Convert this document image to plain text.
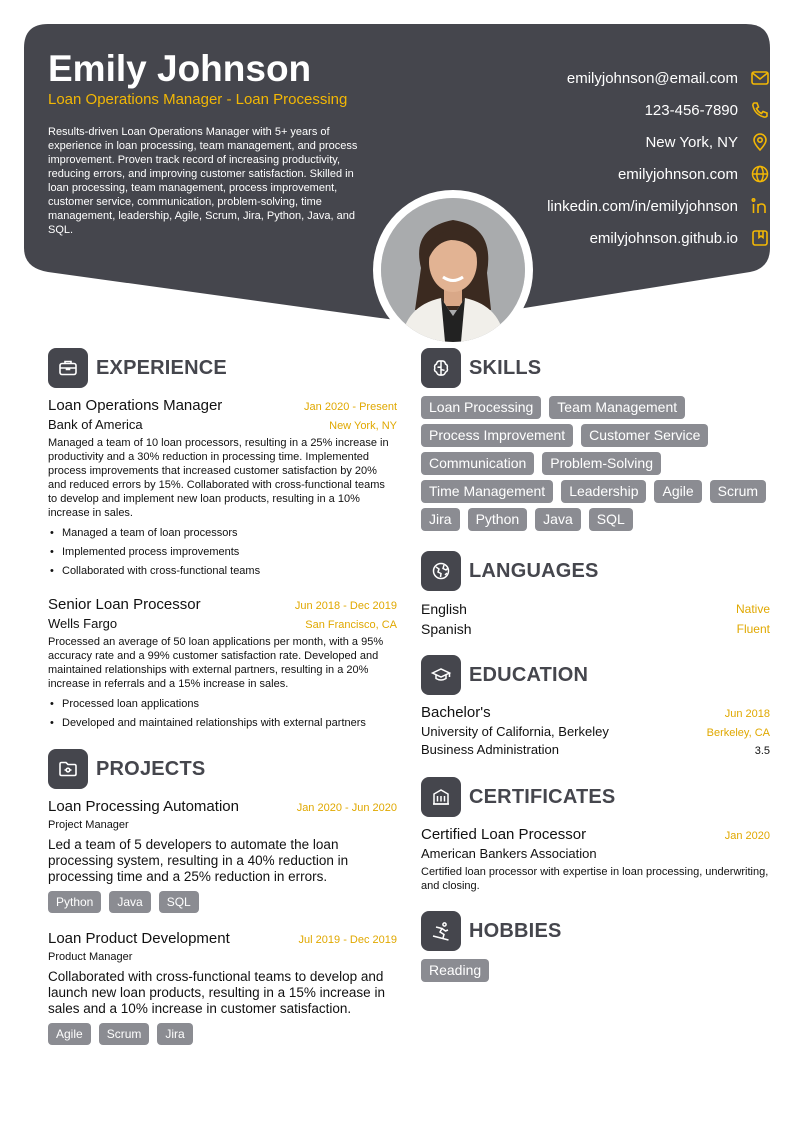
Emily Johnson
Loan Operations Manager - Loan Processing
Results-driven Loan Operations Manager with 5+ years of experience in loan processing, team management, and process improvement. Proven track record of increasing productivity, reducing errors, and improving customer satisfaction. Skilled in loan processing, team management, process improvement, customer service, communication, problem-solving, time management, leadership, Agile, Scrum, Jira, Python, Java, and SQL.
emilyjohnson@email.com
123-456-7890
New York, NY
emilyjohnson.com
linkedin.com/in/emilyjohnson
emilyjohnson.github.io
EXPERIENCE
Loan Operations Manager	Jan 2020 - Present
Bank of America	New York, NY
Managed a team of 10 loan processors, resulting in a 25% increase in productivity and a 30% reduction in processing time. Implemented process improvements that increased customer satisfaction by 20% and reduced errors by 15%. Collaborated with cross-functional teams to develop and implement new loan products, resulting in a 10% increase in sales.
• Managed a team of loan processors
• Implemented process improvements
• Collaborated with cross-functional teams
Senior Loan Processor	Jun 2018 - Dec 2019
Wells Fargo	San Francisco, CA
Processed an average of 50 loan applications per month, with a 95% accuracy rate and a 99% customer satisfaction rate. Developed and maintained relationships with external partners, resulting in a 20% increase in referrals and a 15% increase in sales.
• Processed loan applications
• Developed and maintained relationships with external partners
PROJECTS
Loan Processing Automation	Jan 2020 - Jun 2020
Project Manager
Led a team of 5 developers to automate the loan processing system, resulting in a 40% reduction in processing time and a 25% reduction in errors.
Python	Java	SQL
Loan Product Development	Jul 2019 - Dec 2019
Product Manager
Collaborated with cross-functional teams to develop and launch new loan products, resulting in a 15% increase in sales and a 10% increase in customer satisfaction.
Agile	Scrum	Jira
SKILLS
Loan Processing	Team Management
Process Improvement	Customer Service
Communication	Problem-Solving
Time Management	Leadership	Agile	Scrum
Jira	Python	Java	SQL
LANGUAGES
English	Native
Spanish	Fluent
EDUCATION
Bachelor's	Jun 2018
University of California, Berkeley	Berkeley, CA
Business Administration	3.5
CERTIFICATES
Certified Loan Processor	Jan 2020
American Bankers Association
Certified loan processor with expertise in loan processing, underwriting, and closing.
HOBBIES
Reading
